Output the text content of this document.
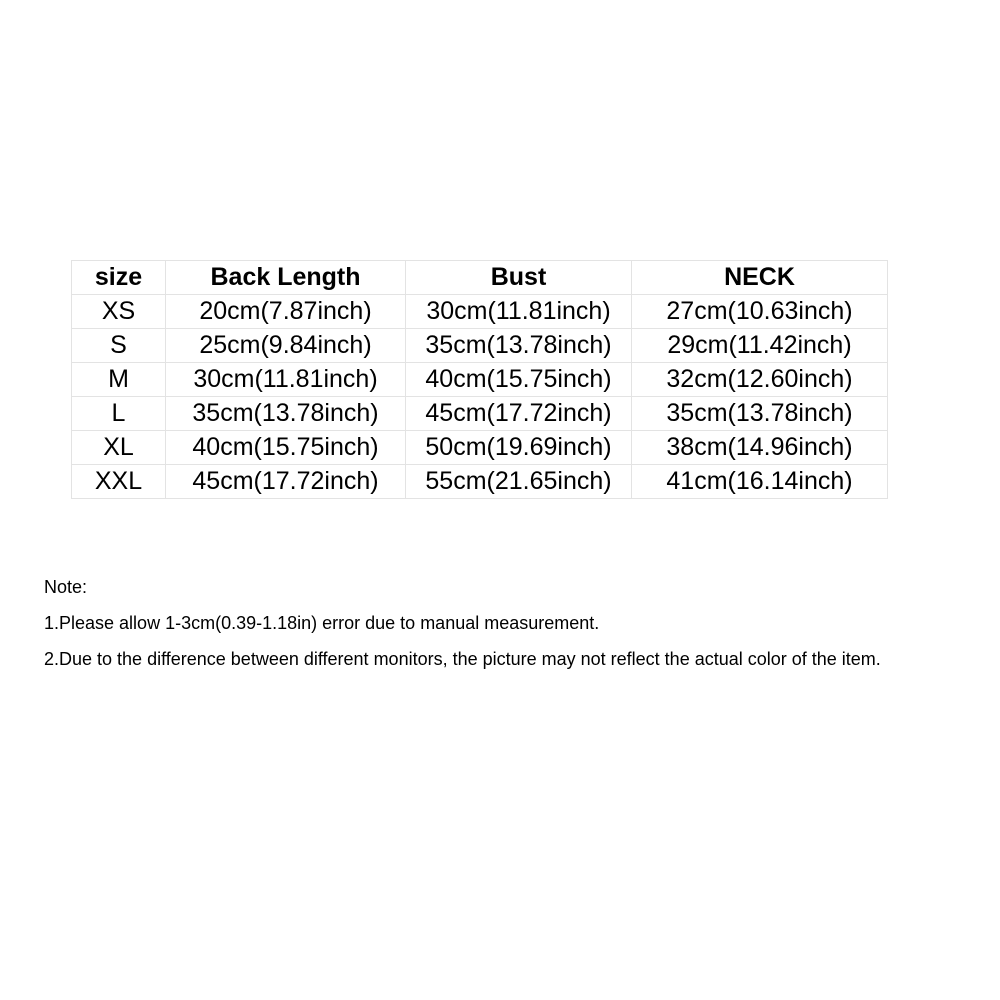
size	Back Length	Bust	NECK
XS	20cm(7.87inch)	30cm(11.81inch)	27cm(10.63inch)
S	25cm(9.84inch)	35cm(13.78inch)	29cm(11.42inch)
M	30cm(11.81inch)	40cm(15.75inch)	32cm(12.60inch)
L	35cm(13.78inch)	45cm(17.72inch)	35cm(13.78inch)
XL	40cm(15.75inch)	50cm(19.69inch)	38cm(14.96inch)
XXL	45cm(17.72inch)	55cm(21.65inch)	41cm(16.14inch)

Note:

1.Please allow 1-3cm(0.39-1.18in) error due to manual measurement.

2.Due to the difference between different monitors, the picture may not reflect the actual color of the item.
